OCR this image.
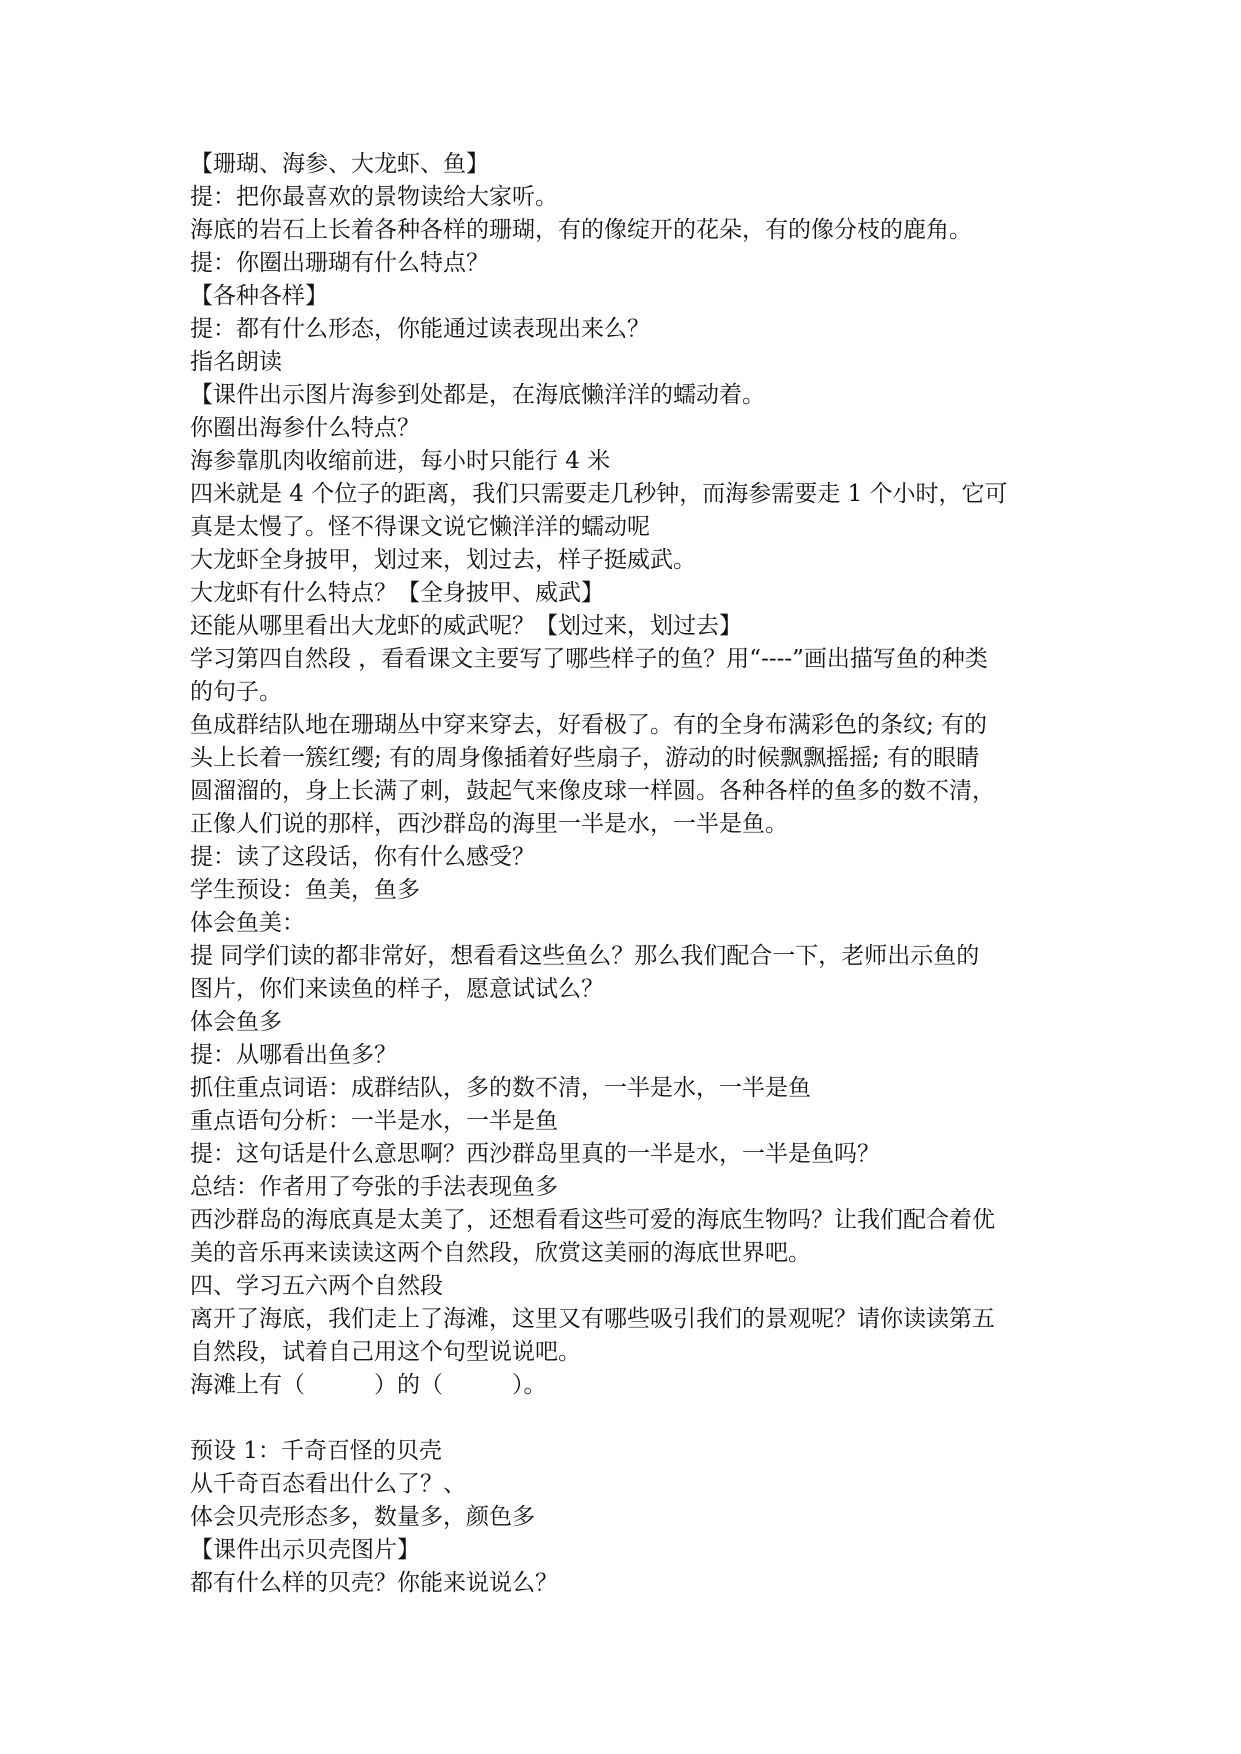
【珊瑚、海参、大龙虾、鱼】
提：把你最喜欢的景物读给大家听。
海底的岩石上长着各种各样的珊瑚，有的像绽开的花朵，有的像分枝的鹿角。
提：你圈出珊瑚有什么特点？
【各种各样】
提：都有什么形态，你能通过读表现出来么？
指名朗读
【课件出示图片海参到处都是，在海底懒洋洋的蠕动着。
你圈出海参什么特点？
海参靠肌肉收缩前进，每小时只能行 4 米
四米就是 4 个位子的距离，我们只需要走几秒钟，而海参需要走 1 个小时，它可
真是太慢了。怪不得课文说它懒洋洋的蠕动呢
大龙虾全身披甲，划过来，划过去，样子挺威武。
大龙虾有什么特点？【全身披甲、威武】
还能从哪里看出大龙虾的威武呢？【划过来，划过去】
学习第四自然段 ，看看课文主要写了哪些样子的鱼？用“----”画出描写鱼的种类
的句子。
鱼成群结队地在珊瑚丛中穿来穿去，好看极了。有的全身布满彩色的条纹; 有的
头上长着一簇红缨; 有的周身像插着好些扇子，游动的时候飘飘摇摇; 有的眼睛
圆溜溜的，身上长满了刺，鼓起气来像皮球一样圆。各种各样的鱼多的数不清，
正像人们说的那样，西沙群岛的海里一半是水，一半是鱼。
提：读了这段话，你有什么感受？
学生预设：鱼美，鱼多
体会鱼美：
提 同学们读的都非常好，想看看这些鱼么？那么我们配合一下，老师出示鱼的
图片，你们来读鱼的样子，愿意试试么？
体会鱼多
提：从哪看出鱼多？
抓住重点词语：成群结队，多的数不清，一半是水，一半是鱼
重点语句分析：一半是水，一半是鱼
提：这句话是什么意思啊？西沙群岛里真的一半是水，一半是鱼吗？
总结：作者用了夸张的手法表现鱼多
西沙群岛的海底真是太美了，还想看看这些可爱的海底生物吗？让我们配合着优
美的音乐再来读读这两个自然段，欣赏这美丽的海底世界吧。
四、学习五六两个自然段
离开了海底，我们走上了海滩，这里又有哪些吸引我们的景观呢？请你读读第五
自然段，试着自己用这个句型说说吧。
海滩上有（　　　）的（　　　）。
预设 1：千奇百怪的贝壳
从千奇百态看出什么了？、
体会贝壳形态多，数量多，颜色多
【课件出示贝壳图片】
都有什么样的贝壳？你能来说说么？
